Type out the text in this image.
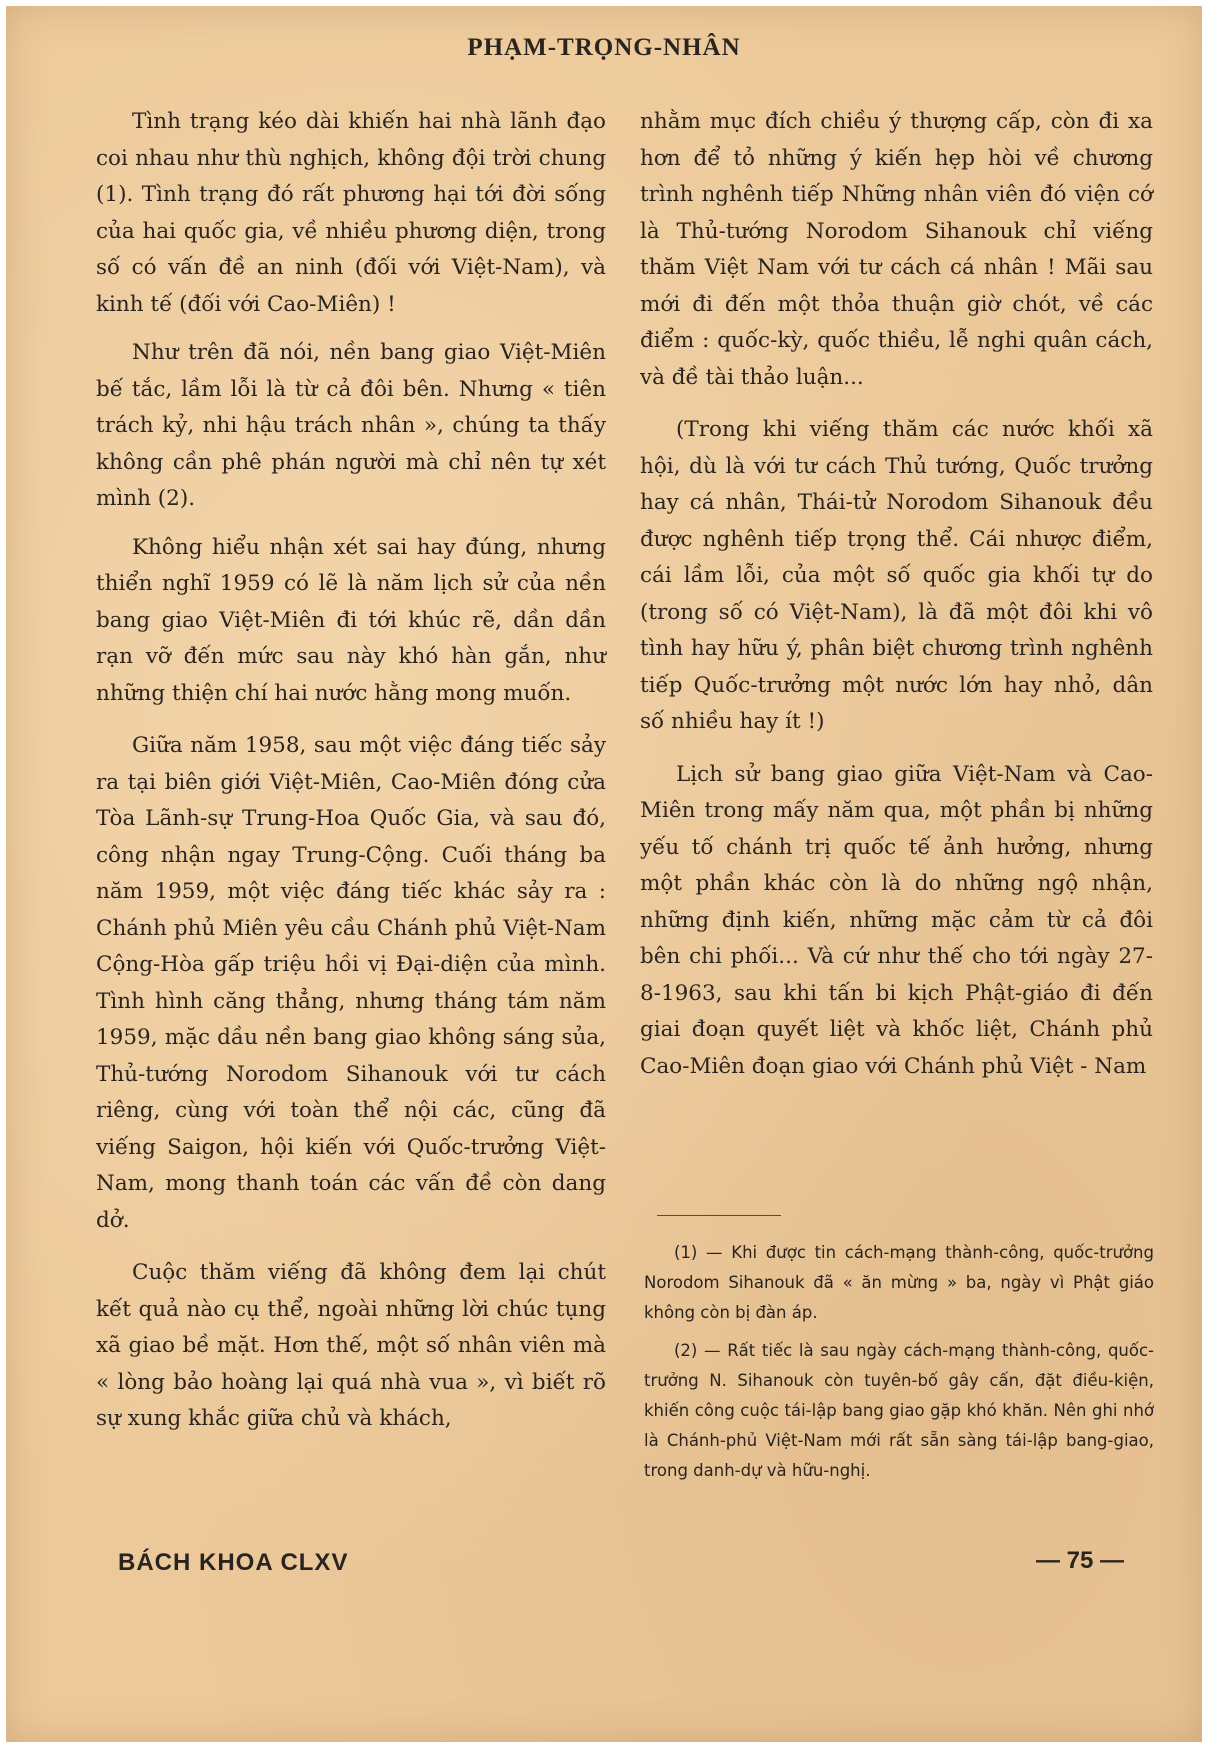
PHẠM-TRỌNG-NHÂN

Tình trạng kéo dài khiến hai nhà lãnh đạo coi nhau như thù nghịch, không đội trời chung (1). Tình trạng đó rất phương hại tới đời sống của hai quốc gia, về nhiều phương diện, trong số có vấn đề an ninh (đối với Việt-Nam), và kinh tế (đối với Cao-Miên) !

Như trên đã nói, nền bang giao Việt-Miên bế tắc, lầm lỗi là từ cả đôi bên. Nhưng « tiên trách kỷ, nhi hậu trách nhân », chúng ta thấy không cần phê phán người mà chỉ nên tự xét mình (2).

Không hiểu nhận xét sai hay đúng, nhưng thiển nghĩ 1959 có lẽ là năm lịch sử của nền bang giao Việt-Miên đi tới khúc rẽ, dần dần rạn vỡ đến mức sau này khó hàn gắn, như những thiện chí hai nước hằng mong muốn.

Giữa năm 1958, sau một việc đáng tiếc sảy ra tại biên giới Việt-Miên, Cao-Miên đóng cửa Tòa Lãnh-sự Trung-Hoa Quốc Gia, và sau đó, công nhận ngay Trung-Cộng. Cuối tháng ba năm 1959, một việc đáng tiếc khác sảy ra : Chánh phủ Miên yêu cầu Chánh phủ Việt-Nam Cộng-Hòa gấp triệu hồi vị Đại-diện của mình. Tình hình căng thẳng, nhưng tháng tám năm 1959, mặc dầu nền bang giao không sáng sủa, Thủ-tướng Norodom Sihanouk với tư cách riêng, cùng với toàn thể nội các, cũng đã viếng Saigon, hội kiến với Quốc-trưởng Việt-Nam, mong thanh toán các vấn đề còn dang dở.

Cuộc thăm viếng đã không đem lại chút kết quả nào cụ thể, ngoài những lời chúc tụng xã giao bề mặt. Hơn thế, một số nhân viên mà « lòng bảo hoàng lại quá nhà vua », vì biết rõ sự xung khắc giữa chủ và khách,

nhằm mục đích chiều ý thượng cấp, còn đi xa hơn để tỏ những ý kiến hẹp hòi về chương trình nghênh tiếp Những nhân viên đó viện cớ là Thủ-tướng Norodom Sihanouk chỉ viếng thăm Việt Nam với tư cách cá nhân ! Mãi sau mới đi đến một thỏa thuận giờ chót, về các điểm : quốc-kỳ, quốc thiều, lễ nghi quân cách, và đề tài thảo luận...

(Trong khi viếng thăm các nước khối xã hội, dù là với tư cách Thủ tướng, Quốc trưởng hay cá nhân, Thái-tử Norodom Sihanouk đều được nghênh tiếp trọng thể. Cái nhược điểm, cái lầm lỗi, của một số quốc gia khối tự do (trong số có Việt-Nam), là đã một đôi khi vô tình hay hữu ý, phân biệt chương trình nghênh tiếp Quốc-trưởng một nước lớn hay nhỏ, dân số nhiều hay ít !)

Lịch sử bang giao giữa Việt-Nam và Cao-Miên trong mấy năm qua, một phần bị những yếu tố chánh trị quốc tế ảnh hưởng, nhưng một phần khác còn là do những ngộ nhận, những định kiến, những mặc cảm từ cả đôi bên chi phối... Và cứ như thế cho tới ngày 27-8-1963, sau khi tấn bi kịch Phật-giáo đi đến giai đoạn quyết liệt và khốc liệt, Chánh phủ Cao-Miên đoạn giao với Chánh phủ Việt - Nam

(1) — Khi được tin cách-mạng thành-công, quốc-trưởng Norodom Sihanouk đã « ăn mừng » ba, ngày vì Phật giáo không còn bị đàn áp.

(2) — Rất tiếc là sau ngày cách-mạng thành-công, quốc-trưởng N. Sihanouk còn tuyên-bố gây cấn, đặt điều-kiện, khiến công cuộc tái-lập bang giao gặp khó khăn. Nên ghi nhớ là Chánh-phủ Việt-Nam mới rất sẵn sàng tái-lập bang-giao, trong danh-dự và hữu-nghị.

BÁCH KHOA CLXV	— 75 —
